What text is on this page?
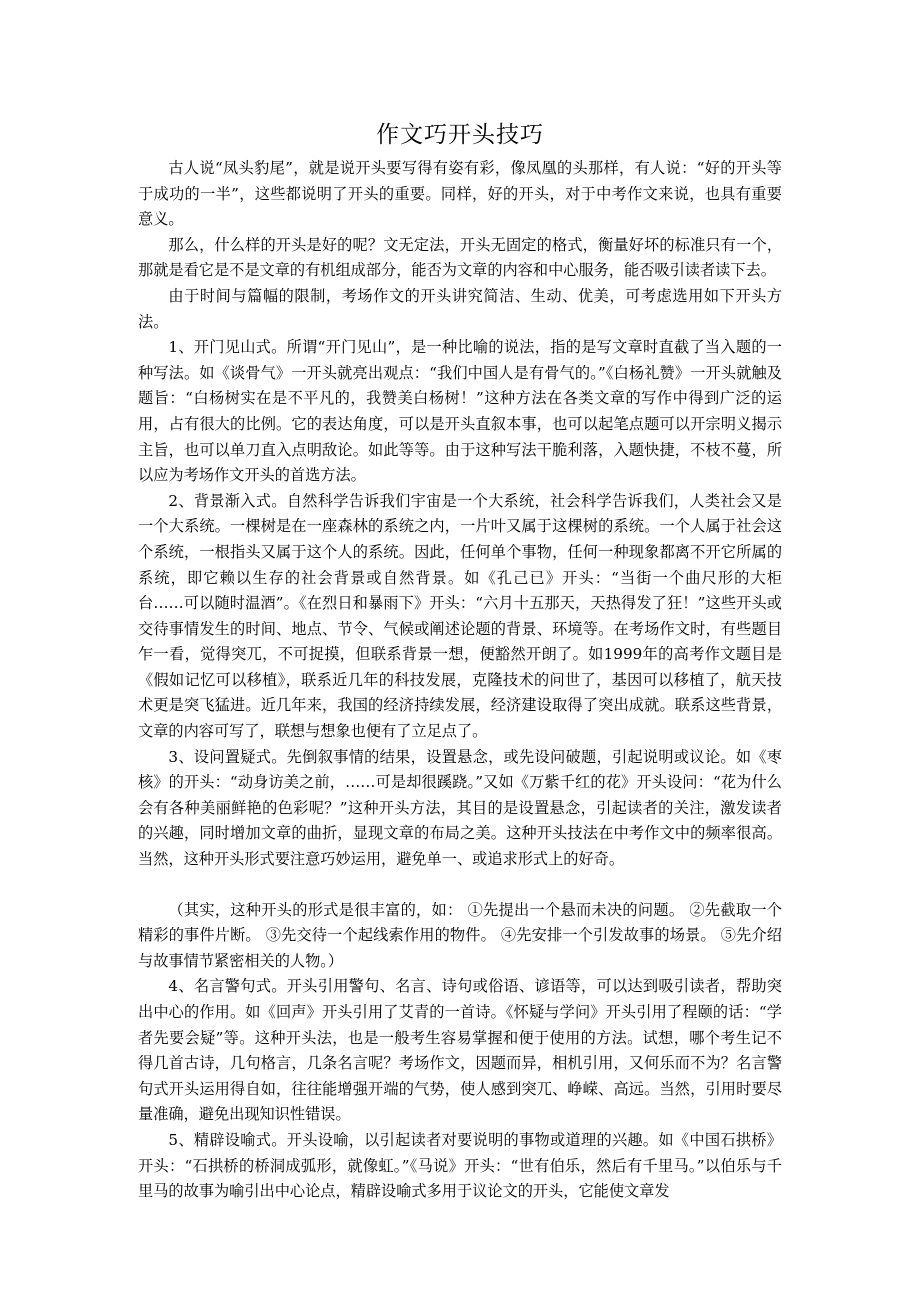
作文巧开头技巧

古人说“凤头豹尾”，就是说开头要写得有姿有彩，像凤凰的头那样，有人说：“好的开头等于成功的一半”，这些都说明了开头的重要。同样，好的开头，对于中考作文来说，也具有重要意义。

那么，什么样的开头是好的呢？文无定法，开头无固定的格式，衡量好坏的标准只有一个，那就是看它是不是文章的有机组成部分，能否为文章的内容和中心服务，能否吸引读者读下去。

由于时间与篇幅的限制，考场作文的开头讲究简洁、生动、优美，可考虑选用如下开头方法。

1、开门见山式。所谓“开门见山”，是一种比喻的说法，指的是写文章时直截了当入题的一种写法。如《谈骨气》一开头就亮出观点：“我们中国人是有骨气的。”《白杨礼赞》一开头就触及题旨：“白杨树实在是不平凡的，我赞美白杨树！”这种方法在各类文章的写作中得到广泛的运用，占有很大的比例。它的表达角度，可以是开头直叙本事，也可以起笔点题可以开宗明义揭示主旨，也可以单刀直入点明敌论。如此等等。由于这种写法干脆利落，入题快捷，不枝不蔓，所以应为考场作文开头的首选方法。

2、背景渐入式。自然科学告诉我们宇宙是一个大系统，社会科学告诉我们，人类社会又是一个大系统。一棵树是在一座森林的系统之内，一片叶又属于这棵树的系统。一个人属于社会这个系统，一根指头又属于这个人的系统。因此，任何单个事物，任何一种现象都离不开它所属的系统，即它赖以生存的社会背景或自然背景。如《孔己已》开头：“当街一个曲尺形的大柜台……可以随时温酒”。《在烈日和暴雨下》开头：“六月十五那天，天热得发了狂！”这些开头或交待事情发生的时间、地点、节令、气候或阐述论题的背景、环境等。在考场作文时，有些题目乍一看，觉得突兀，不可捉摸，但联系背景一想，便豁然开朗了。如1999年的高考作文题目是《假如记忆可以移植》，联系近几年的科技发展，克隆技术的问世了，基因可以移植了，航天技术更是突飞猛进。近几年来，我国的经济持续发展，经济建设取得了突出成就。联系这些背景，文章的内容可写了，联想与想象也便有了立足点了。

3、设问置疑式。先倒叙事情的结果，设置悬念，或先设问破题，引起说明或议论。如《枣核》的开头：“动身访美之前，……可是却很蹊跷。”又如《万紫千红的花》开头设问：“花为什么会有各种美丽鲜艳的色彩呢？”这种开头方法，其目的是设置悬念，引起读者的关注，激发读者的兴趣，同时增加文章的曲折，显现文章的布局之美。这种开头技法在中考作文中的频率很高。当然，这种开头形式要注意巧妙运用，避免单一、或追求形式上的好奇。

（其实，这种开头的形式是很丰富的，如： ①先提出一个悬而未决的问题。 ②先截取一个精彩的事件片断。 ③先交待一个起线索作用的物件。 ④先安排一个引发故事的场景。 ⑤先介绍与故事情节紧密相关的人物。）

4、名言警句式。开头引用警句、名言、诗句或俗语、谚语等，可以达到吸引读者，帮助突出中心的作用。如《回声》开头引用了艾青的一首诗。《怀疑与学问》开头引用了程颐的话：“学者先要会疑”等。这种开头法，也是一般考生容易掌握和便于使用的方法。试想，哪个考生记不得几首古诗，几句格言，几条名言呢？考场作文，因题而异，相机引用，又何乐而不为？名言警句式开头运用得自如，往往能增强开端的气势，使人感到突兀、峥嵘、高远。当然，引用时要尽量准确，避免出现知识性错误。

5、精辟设喻式。开头设喻，以引起读者对要说明的事物或道理的兴趣。如《中国石拱桥》开头：“石拱桥的桥洞成弧形，就像虹。”《马说》开头：“世有伯乐，然后有千里马。”以伯乐与千里马的故事为喻引出中心论点，精辟设喻式多用于议论文的开头，它能使文章发
